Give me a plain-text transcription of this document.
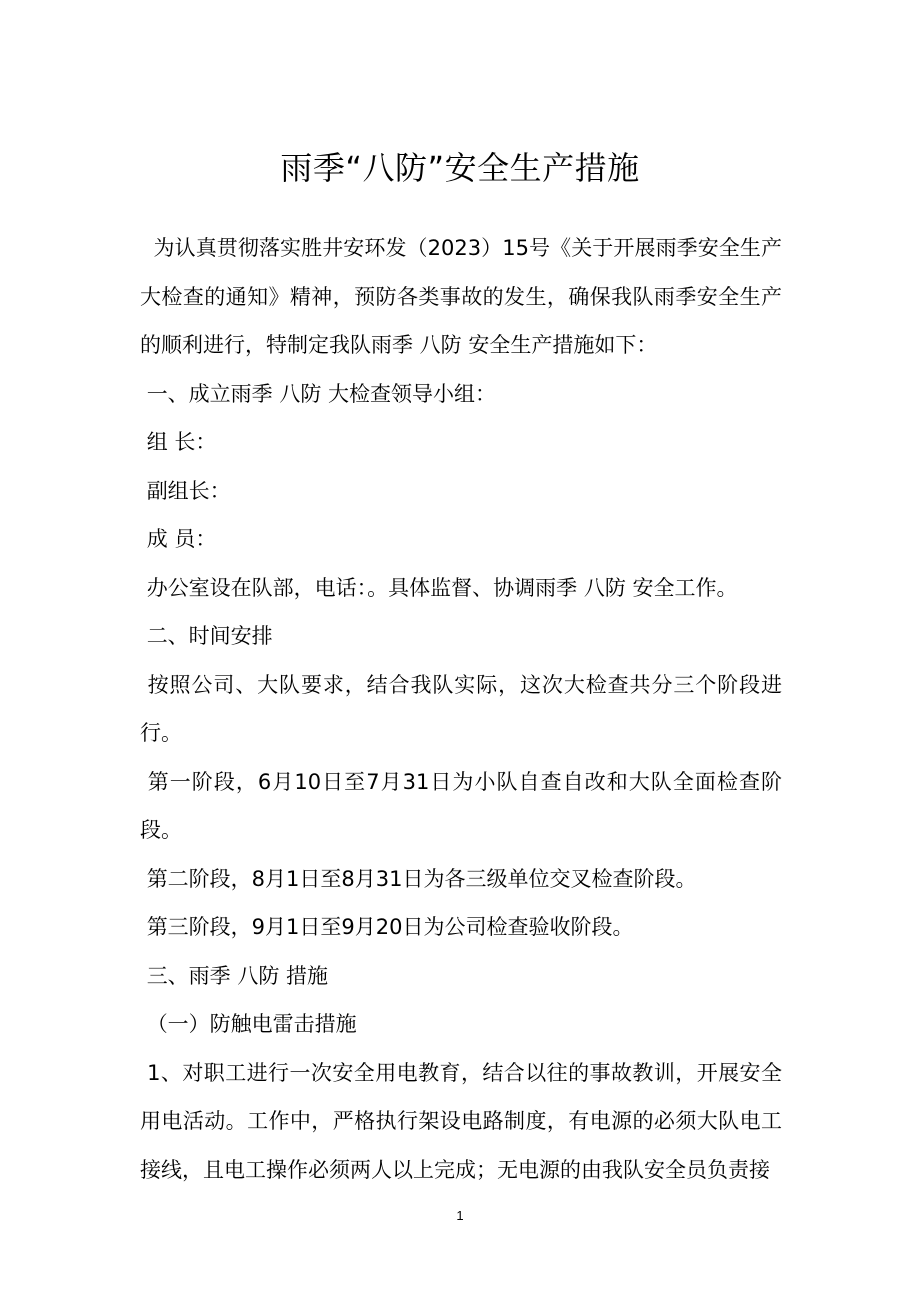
雨季“八防”安全生产措施

为认真贯彻落实胜井安环发（2023）15号《关于开展雨季安全生产大检查的通知》精神，预防各类事故的发生，确保我队雨季安全生产的顺利进行，特制定我队雨季 八防 安全生产措施如下：

一、成立雨季 八防 大检查领导小组：

组 长：

副组长：

成 员：

办公室设在队部，电话：。具体监督、协调雨季 八防 安全工作。

二、时间安排

按照公司、大队要求，结合我队实际，这次大检查共分三个阶段进行。

第一阶段，6月10日至7月31日为小队自查自改和大队全面检查阶段。

第二阶段，8月1日至8月31日为各三级单位交叉检查阶段。

第三阶段，9月1日至9月20日为公司检查验收阶段。

三、雨季 八防 措施

（一）防触电雷击措施

1、对职工进行一次安全用电教育，结合以往的事故教训，开展安全用电活动。工作中，严格执行架设电路制度，有电源的必须大队电工接线，且电工操作必须两人以上完成；无电源的由我队安全员负责接

1
